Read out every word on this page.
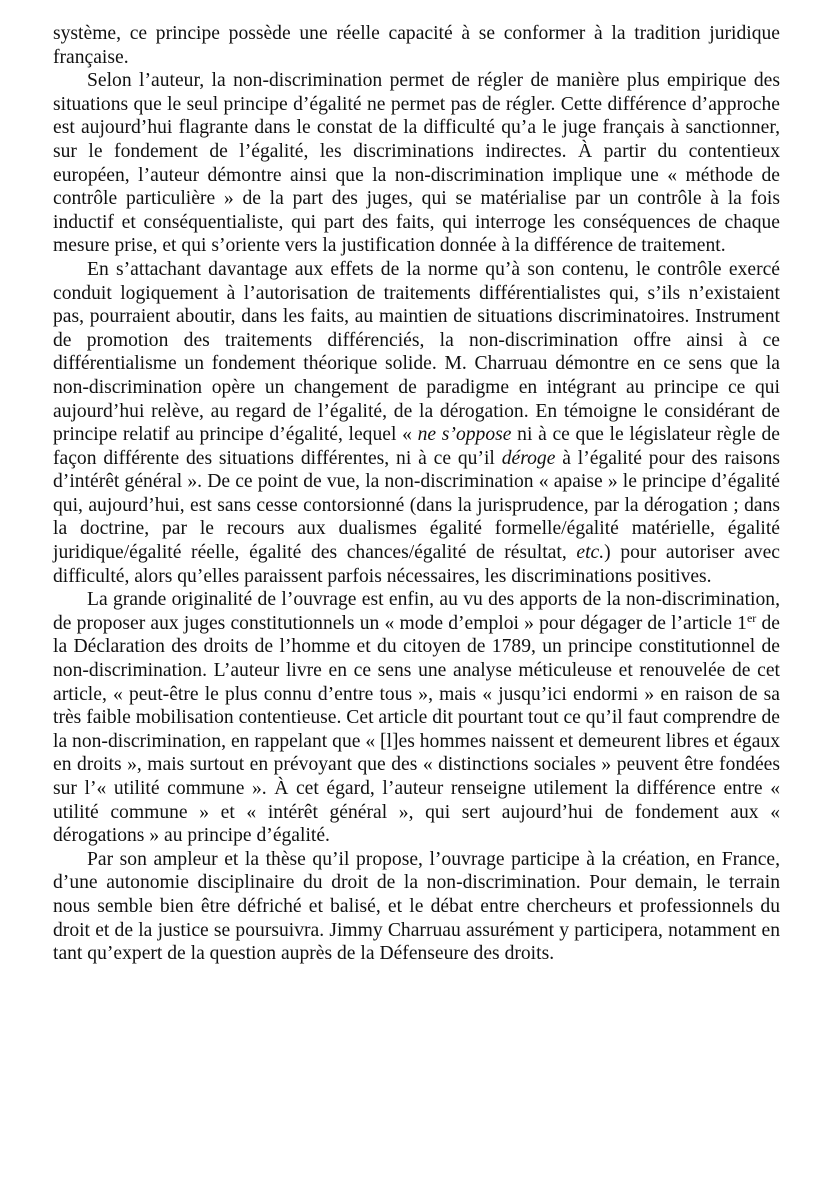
système, ce principe possède une réelle capacité à se conformer à la tradition juridique française.

Selon l’auteur, la non-discrimination permet de régler de manière plus empirique des situations que le seul principe d’égalité ne permet pas de régler. Cette différence d’approche est aujourd’hui flagrante dans le constat de la difficulté qu’a le juge français à sanctionner, sur le fondement de l’égalité, les discriminations indirectes. À partir du contentieux européen, l’auteur démontre ainsi que la non-discrimination implique une « méthode de contrôle particulière » de la part des juges, qui se matérialise par un contrôle à la fois inductif et conséquentialiste, qui part des faits, qui interroge les conséquences de chaque mesure prise, et qui s’oriente vers la justification donnée à la différence de traitement.

En s’attachant davantage aux effets de la norme qu’à son contenu, le contrôle exercé conduit logiquement à l’autorisation de traitements différentialistes qui, s’ils n’existaient pas, pourraient aboutir, dans les faits, au maintien de situations discriminatoires. Instrument de promotion des traitements différenciés, la non-discrimination offre ainsi à ce différentialisme un fondement théorique solide. M. Charruau démontre en ce sens que la non-discrimination opère un changement de paradigme en intégrant au principe ce qui aujourd’hui relève, au regard de l’égalité, de la dérogation. En témoigne le considérant de principe relatif au principe d’égalité, lequel « ne s’oppose ni à ce que le législateur règle de façon différente des situations différentes, ni à ce qu’il déroge à l’égalité pour des raisons d’intérêt général ». De ce point de vue, la non-discrimination « apaise » le principe d’égalité qui, aujourd’hui, est sans cesse contorsionné (dans la jurisprudence, par la dérogation ; dans la doctrine, par le recours aux dualismes égalité formelle/égalité matérielle, égalité juridique/égalité réelle, égalité des chances/égalité de résultat, etc.) pour autoriser avec difficulté, alors qu’elles paraissent parfois nécessaires, les discriminations positives.

La grande originalité de l’ouvrage est enfin, au vu des apports de la non-discrimination, de proposer aux juges constitutionnels un « mode d’emploi » pour dégager de l’article 1er de la Déclaration des droits de l’homme et du citoyen de 1789, un principe constitutionnel de non-discrimination. L’auteur livre en ce sens une analyse méticuleuse et renouvelée de cet article, « peut-être le plus connu d’entre tous », mais « jusqu’ici endormi » en raison de sa très faible mobilisation contentieuse. Cet article dit pourtant tout ce qu’il faut comprendre de la non-discrimination, en rappelant que « [l]es hommes naissent et demeurent libres et égaux en droits », mais surtout en prévoyant que des « distinctions sociales » peuvent être fondées sur l’« utilité commune ». À cet égard, l’auteur renseigne utilement la différence entre « utilité commune » et « intérêt général », qui sert aujourd’hui de fondement aux « dérogations » au principe d’égalité.

Par son ampleur et la thèse qu’il propose, l’ouvrage participe à la création, en France, d’une autonomie disciplinaire du droit de la non-discrimination. Pour demain, le terrain nous semble bien être défriché et balisé, et le débat entre chercheurs et professionnels du droit et de la justice se poursuivra. Jimmy Charruau assurément y participera, notamment en tant qu’expert de la question auprès de la Défenseure des droits.
